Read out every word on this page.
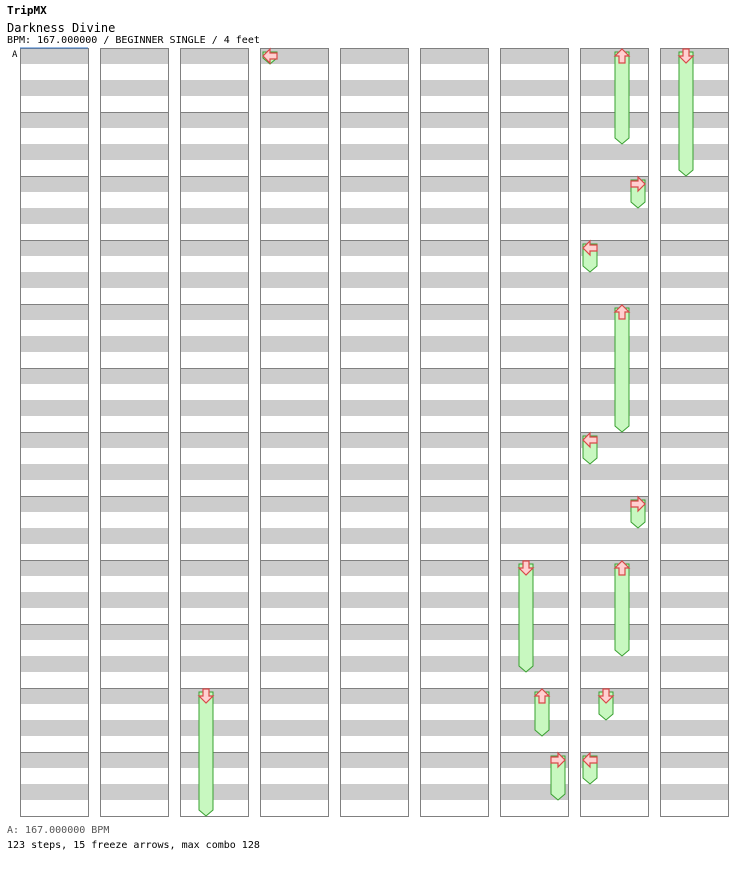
TripMX
Darkness Divine
BPM: 167.000000 / BEGINNER SINGLE / 4 feet
A
A: 167.000000 BPM
123 steps, 15 freeze arrows, max combo 128
